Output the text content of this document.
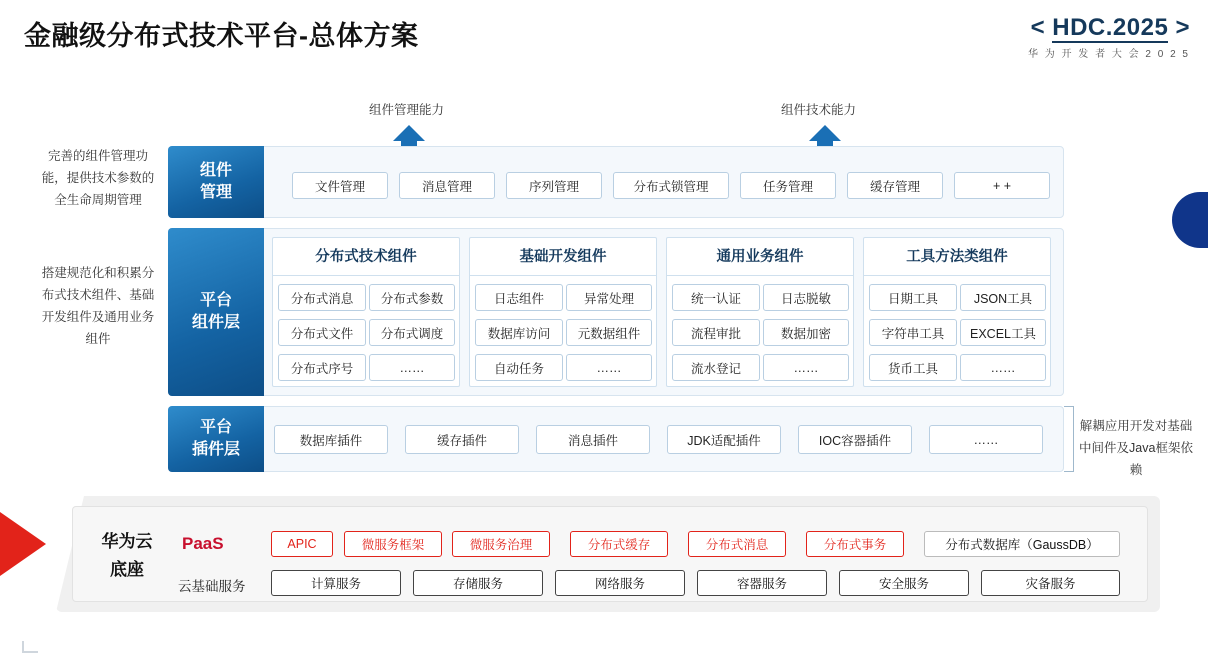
金融级分布式技术平台-总体方案	< HDC.2025 >
华 为 开 发 者 大 会 2 0 2 5
组件管理能力	组件技术能力
完善的组件管理功能，提供技术参数的全生命周期管理
搭建规范化和积累分布式技术组件、基础开发组件及通用业务组件
组件
管理	文件管理	消息管理	序列管理	分布式锁管理	任务管理	缓存管理	+ +
平台
组件层
分布式技术组件
分布式消息	分布式参数
分布式文件	分布式调度
分布式序号	……
基础开发组件
日志组件	异常处理
数据库访问	元数据组件
自动任务	……
通用业务组件
统一认证	日志脱敏
流程审批	数据加密
流水登记	……
工具方法类组件
日期工具	JSON工具
字符串工具	EXCEL工具
货币工具	……
平台
插件层
数据库插件	缓存插件	消息插件	JDK适配插件	IOC容器插件	……
解耦应用开发对基础中间件及Java框架依赖
华为云
底座
PaaS
云基础服务
APIC	微服务框架	微服务治理	分布式缓存	分布式消息	分布式事务	分布式数据库（GaussDB）
计算服务	存储服务	网络服务	容器服务	安全服务	灾备服务
